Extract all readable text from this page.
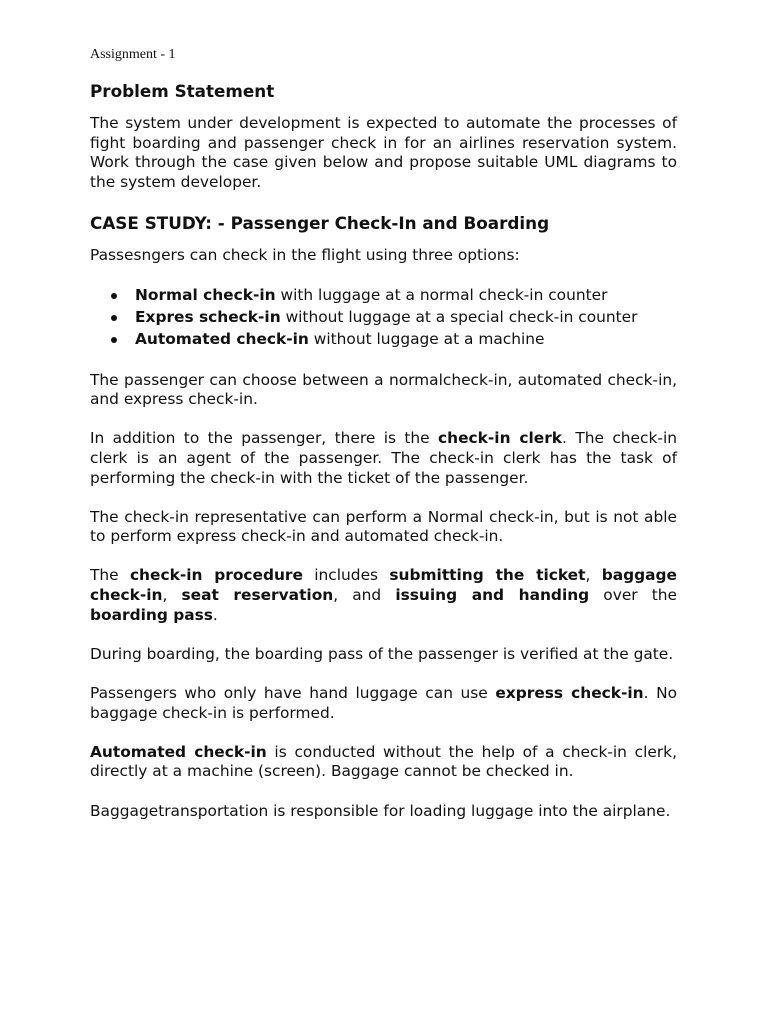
Assignment - 1
Problem Statement

The system under development is expected to automate the processes of fight boarding and passenger check in for an airlines reservation system. Work through the case given below and propose suitable UML diagrams to the system developer.

CASE STUDY: - Passenger Check-In and Boarding

Passesngers can check in the flight using three options:

Normal check-in with luggage at a normal check-in counter
Expres scheck-in without luggage at a special check-in counter
Automated check-in without luggage at a machine

The passenger can choose between a normalcheck-in, automated check-in, and express check-in.

In addition to the passenger, there is the check-in clerk. The check-in clerk is an agent of the passenger. The check-in clerk has the task of performing the check-in with the ticket of the passenger.

The check-in representative can perform a Normal check-in, but is not able to perform express check-in and automated check-in.

The check-in procedure includes submitting the ticket, baggage check-in, seat reservation, and issuing and handing over the boarding pass.

During boarding, the boarding pass of the passenger is verified at the gate.

Passengers who only have hand luggage can use express check-in. No baggage check-in is performed.

Automated check-in is conducted without the help of a check-in clerk, directly at a machine (screen). Baggage cannot be checked in.

Baggagetransportation is responsible for loading luggage into the airplane.
